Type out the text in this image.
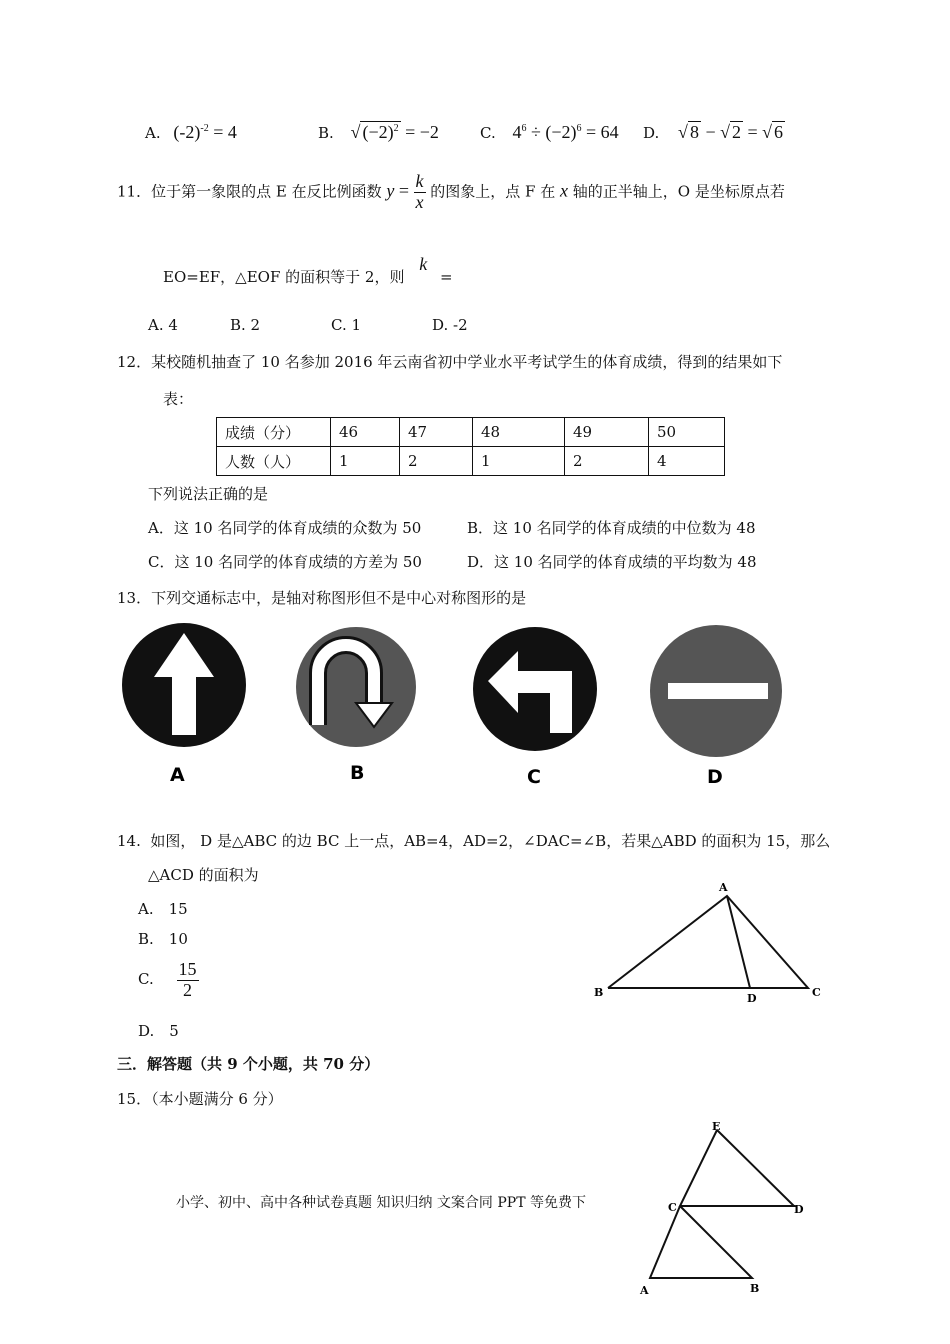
A. $(-2)^{-2} = 4$	B. √ $(-2)^2 = -2$	C. $4^6 \div (-2)^6 = 64$ D. √ 8 − √ 2 = √ 6
11．位于第一象限的点 E 在反比例函数 $y = \frac{k}{x}$ 的图象上，点 F 在 x 轴的正半轴上，O 是坐标原点若
EO=EF，△EOF 的面积等于 2，则 k =
A. 4	B. 2	C. 1	D. -2
12．某校随机抽查了 10 名参加 2016 年云南省初中学业水平考试学生的体育成绩，得到的结果如下
表：
成绩（分）	46	47	48	49	50
人数（人）	1	2	1	2	4
下列说法正确的是
A．这 10 名同学的体育成绩的众数为 50	B．这 10 名同学的体育成绩的中位数为 48
C．这 10 名同学的体育成绩的方差为 50	D．这 10 名同学的体育成绩的平均数为 48
13．下列交通标志中，是轴对称图形但不是中心对称图形的是
A	B	C	D
14. 如图， D 是△ABC 的边 BC 上一点，AB=4，AD=2，∠DAC=∠B，若果△ABD 的面积为 15，那么
△ACD 的面积为
A.　15
B.　10
C. $\frac{15}{2}$
D.　5
A
B	D	C
三．解答题（共 9 个小题，共 70 分）
15．（本小题满分 6 分）
小学、初中、高中各种试卷真题 知识归纳 文案合同 PPT 等免费下
E
C	D
A	B
